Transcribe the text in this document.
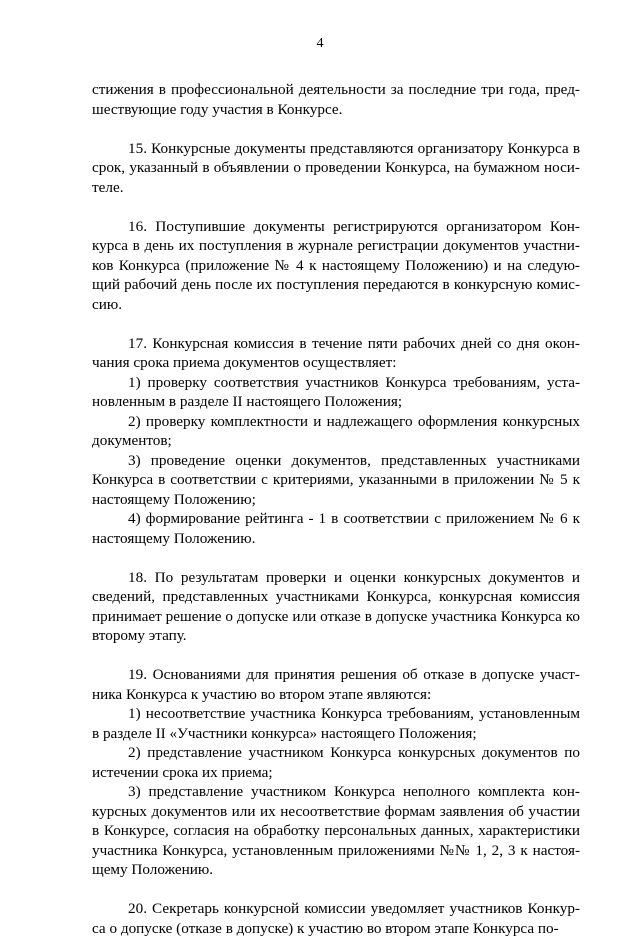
4

стижения в профессиональной деятельности за последние три года, пред-шествующие году участия в Конкурсе.

15. Конкурсные документы представляются организатору Конкурса в срок, указанный в объявлении о проведении Конкурса, на бумажном носи-теле.

16. Поступившие документы регистрируются организатором Кон-курса в день их поступления в журнале регистрации документов участни-ков Конкурса (приложение № 4 к настоящему Положению) и на следую-щий рабочий день после их поступления передаются в конкурсную комис-сию.

17. Конкурсная комиссия в течение пяти рабочих дней со дня окон-чания срока приема документов осуществляет:

1) проверку соответствия участников Конкурса требованиям, уста-новленным в разделе II настоящего Положения;

2) проверку комплектности и надлежащего оформления конкурсных документов;

3) проведение оценки документов, представленных участниками Конкурса в соответствии с критериями, указанными в приложении № 5 к настоящему Положению;

4) формирование рейтинга - 1 в соответствии с приложением № 6 к настоящему Положению.

18. По результатам проверки и оценки конкурсных документов и сведений, представленных участниками Конкурса, конкурсная комиссия принимает решение о допуске или отказе в допуске участника Конкурса ко второму этапу.

19. Основаниями для принятия решения об отказе в допуске участ-ника Конкурса к участию во втором этапе являются:

1) несоответствие участника Конкурса требованиям, установленным в разделе II «Участники конкурса» настоящего Положения;

2) представление участником Конкурса конкурсных документов по истечении срока их приема;

3) представление участником Конкурса неполного комплекта кон-курсных документов или их несоответствие формам заявления об участии в Конкурсе, согласия на обработку персональных данных, характеристики участника Конкурса, установленным приложениями №№ 1, 2, 3 к настоя-щему Положению.

20. Секретарь конкурсной комиссии уведомляет участников Конкур-са о допуске (отказе в допуске) к участию во втором этапе Конкурса по-
